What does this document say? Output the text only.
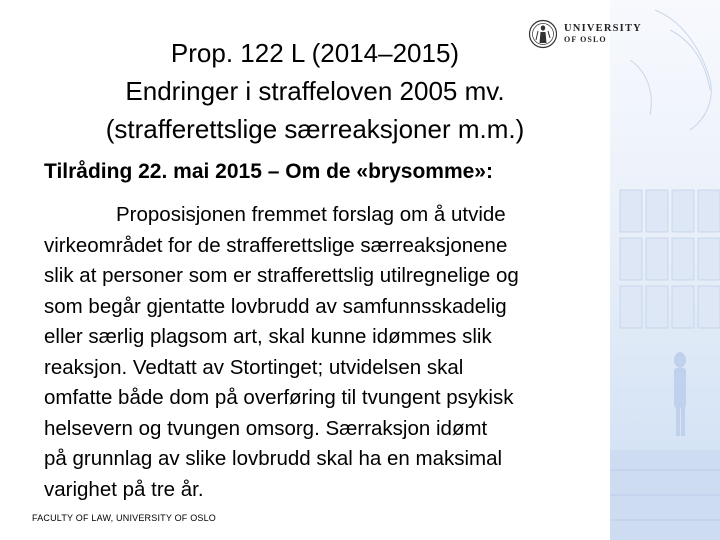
UNIVERSITY
OF OSLO
Prop. 122 L (2014–2015)
Endringer i straffeloven 2005 mv.
(strafferettslige særreaksjoner m.m.)
Tilråding 22. mai 2015 – Om de «brysomme»:
Proposisjonen fremmet forslag om å utvide
virkeområdet for de strafferettslige særreaksjonene
slik at personer som er strafferettslig utilregnelige og
som begår gjentatte lovbrudd av samfunnsskadelig
eller særlig plagsom art, skal kunne idømmes slik
reaksjon. Vedtatt av Stortinget; utvidelsen skal
omfatte både dom på overføring til tvungent psykisk
helsevern og tvungen omsorg. Særraksjon idømt
på grunnlag av slike lovbrudd skal ha en maksimal
varighet på tre år.
FACULTY OF LAW, UNIVERSITY OF OSLO
